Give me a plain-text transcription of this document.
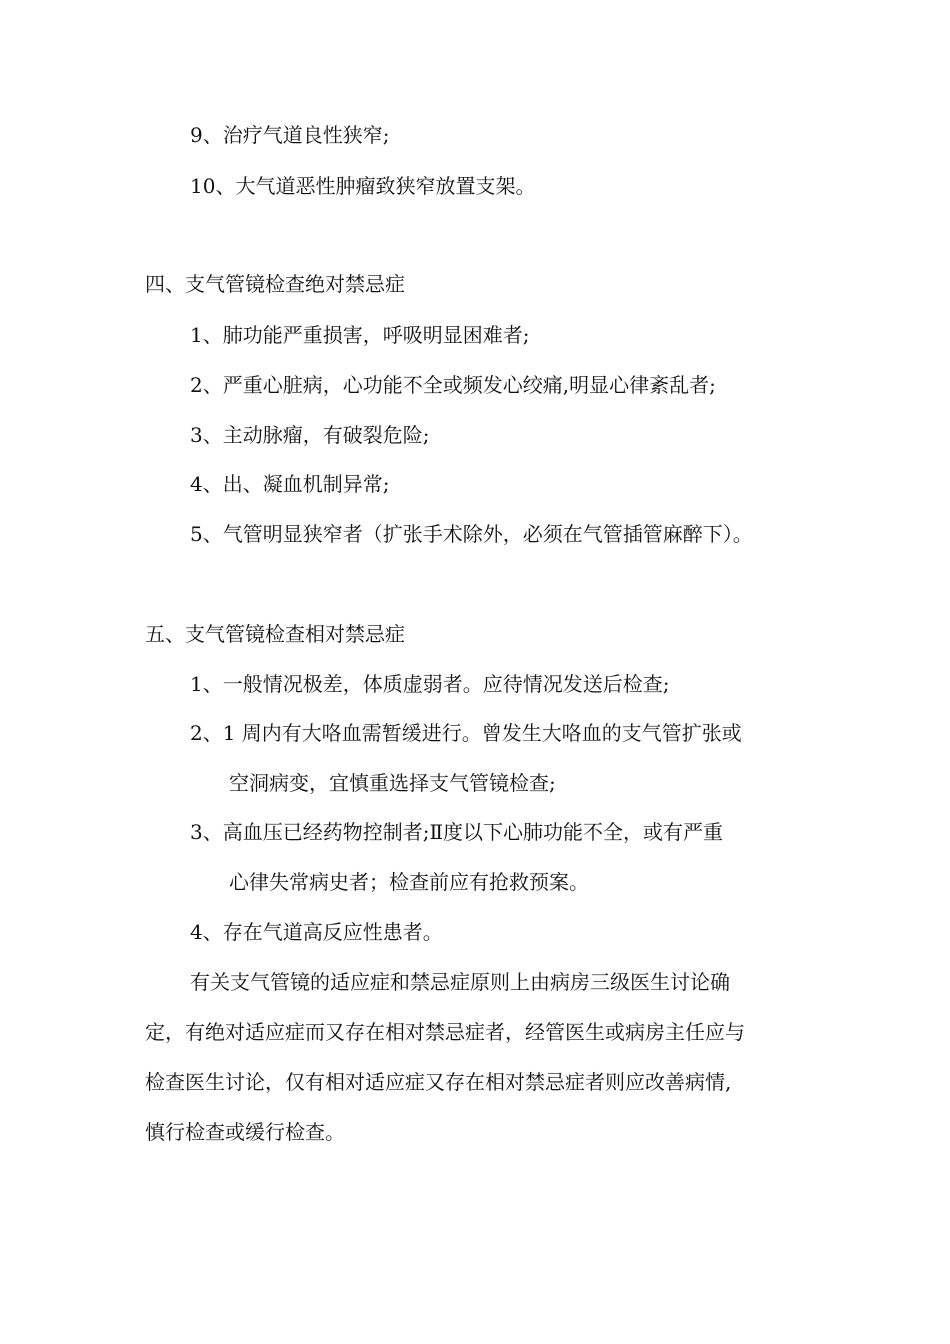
9、治疗气道良性狭窄;
10、大气道恶性肿瘤致狭窄放置支架。
四、支气管镜检查绝对禁忌症
1、肺功能严重损害，呼吸明显困难者;
2、严重心脏病，心功能不全或频发心绞痛,明显心律紊乱者;
3、主动脉瘤，有破裂危险;
4、出、凝血机制异常;
5、气管明显狭窄者（扩张手术除外，必须在气管插管麻醉下）。
五、支气管镜检查相对禁忌症
1、一般情况极差，体质虚弱者。应待情况发送后检查;
2、1 周内有大咯血需暂缓进行。曾发生大咯血的支气管扩张或
空洞病变，宜慎重选择支气管镜检查;
3、高血压已经药物控制者;Ⅱ度以下心肺功能不全，或有严重
心律失常病史者；检查前应有抢救预案。
4、存在气道高反应性患者。
有关支气管镜的适应症和禁忌症原则上由病房三级医生讨论确
定，有绝对适应症而又存在相对禁忌症者，经管医生或病房主任应与
检查医生讨论，仅有相对适应症又存在相对禁忌症者则应改善病情,
慎行检查或缓行检查。
